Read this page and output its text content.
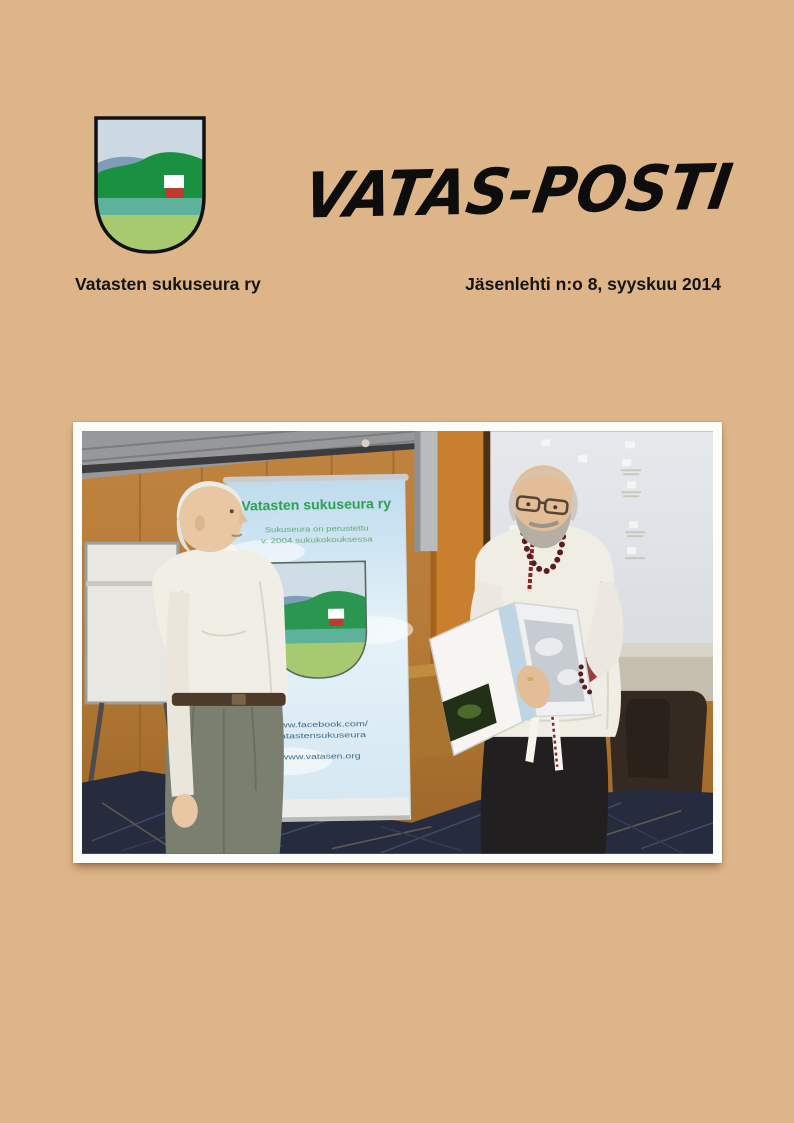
VATAS-POSTI
Vatasten sukuseura ry	Jäsenlehti n:o 8, syyskuu 2014
Vatasten sukuseura ry
Sukuseura on perustettu
v. 2004 sukukokouksessa
www.facebook.com/
vatastensukuseura
www.vatasen.org
